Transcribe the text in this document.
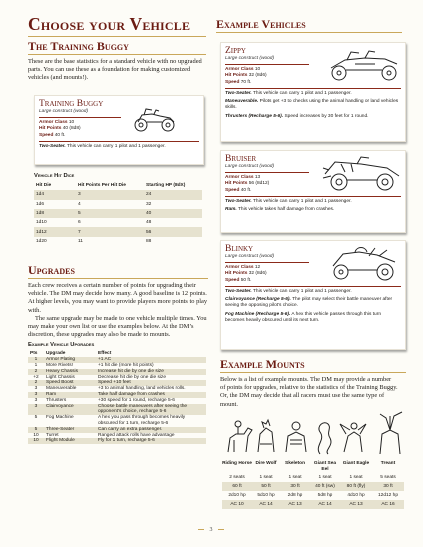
Choose your Vehicle
The Training Buggy

These are the base statistics for a standard vehicle with no upgraded parts. You can use these as a foundation for making customized vehicles (and mounts!).

Training Buggy
Large construct (wood)
Armor Class 10
Hit Points 40 (8d8)
Speed 40 ft.

Two-Seater. This vehicle can carry 1 pilot and 1 passenger.

Vehicle Hit Dice
Hit Die	Hit Points Per Hit Die	Starting HP (8dX)
1d4	3	24
1d6	4	32
1d8	5	40
1d10	6	48
1d12	7	56
1d20	11	88
Upgrades

Each crew receives a certain number of points for upgrading their vehicle. The DM may decide how many. A good baseline is 12 points. At higher levels, you may want to provide players more points to play with.

The same upgrade may be made to one vehicle multiple times. You may make your own list or use the examples below. At the DM’s discretion, these upgrades may also be made to mounts.

Example Vehicle Upgrades
Pts	Upgrade	Effect
1	Armor Plating	+1 AC
1	More Rivets!	+1 hit die (more hit points)
2	Heavy Chassis	Increase hit die by one die size
+2	Light Chassis	Decrease hit die by one die size
2	Speed Boost	Speed +10 feet
3	Maneuverable	+3 to animal handling, land vehicles rolls.
3	Ram	Take half damage from crashes
3	Thrusters	+30 speed for 1 round, recharge 5-6
3	Clairvoyance	Choose battle maneuvers after seeing the opponent’s choice, recharge 5-6
5	Fog Machine	A hex you pass through becomes heavily obscured for 1 turn, recharge 5-6
5	Three-Seater	Can carry an extra passenger.
10	Turret	Ranged attack rolls have advantage
10	Flight Module	Fly for 1 turn, recharge 5-6
Example Vehicles
Zippy
Large construct (wood)
Armor Class 10
Hit Points 32 (8d6)
Speed 70 ft.

Two-Seater. This vehicle can carry 1 pilot and 1 passenger.

Maneuverable. Pilots get +3 to checks using the animal handling or land vehicles skills.

Thrusters (Recharge 5-6). Speed increases by 30 feet for 1 round.

Bruiser
Large construct (wood)
Armor Class 13
Hit Points 56 (8d12)
Speed 40 ft.

Two-Seater. This vehicle can carry 1 pilot and 1 passenger.

Ram. This vehicle takes half damage from crashes.

Blinky
Large construct (wood)
Armor Class 12
Hit Points 32 (8d6)
Speed 50 ft.

Two-Seater. This vehicle can carry 1 pilot and 1 passenger.

Clairvoyance (Recharge 5-6). The pilot may select their battle maneuver after seeing the opposing pilot’s choice.

Fog Machine (Recharge 5-6). A hex this vehicle passes through this turn becomes heavily obscured until its next turn.

Example Mounts

Below is a list of example mounts. The DM may provide a number of points for upgrades, relative to the statistics of the Training Buggy. Or, the DM may decide that all racers must use the same type of mount.

Riding Horse	Dire Wolf	Skeleton	Giant Sea Eel	Giant Eagle	Treant
2 seats	1 seat	1 seat	1 seat	1 seat	5 seats
60 ft	50 ft	30 ft	40 ft (sw)	80 ft (fly)	30 ft
2d10 hp	5d10 hp	2d8 hp	5d8 hp	4d10 hp	12d12 hp
AC 10	AC 14	AC 13	AC 14	AC 13	AC 16
3
